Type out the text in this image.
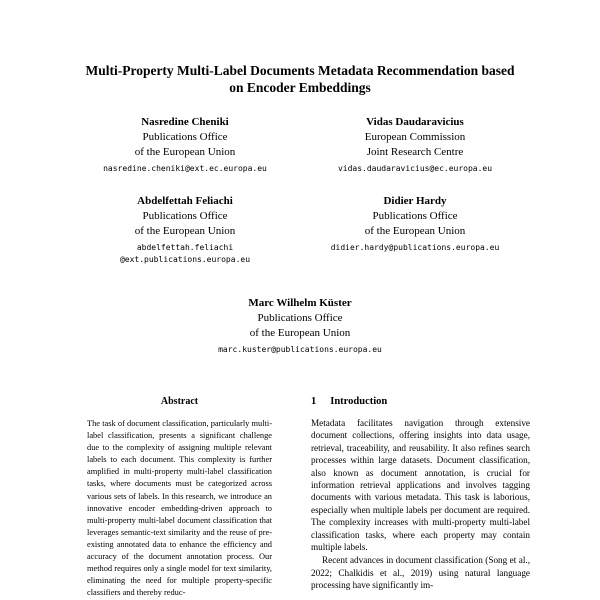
Multi-Property Multi-Label Documents Metadata Recommendation based
on Encoder Embeddings
Nasredine Cheniki
Publications Office
of the European Union
nasredine.cheniki@ext.ec.europa.eu
Vidas Daudaravicius
European Commission
Joint Research Centre
vidas.daudaravicius@ec.europa.eu
Abdelfettah Feliachi
Publications Office
of the European Union
abdelfettah.feliachi
@ext.publications.europa.eu
Didier Hardy
Publications Office
of the European Union
didier.hardy@publications.europa.eu
Marc Wilhelm Küster
Publications Office
of the European Union
marc.kuster@publications.europa.eu
Abstract

The task of document classification, particularly multi-label classification, presents a significant challenge due to the complexity of assigning multiple relevant labels to each document. This complexity is further amplified in multi-property multi-label classification tasks, where documents must be categorized across various sets of labels. In this research, we introduce an innovative encoder embedding-driven approach to multi-property multi-label document classification that leverages semantic-text similarity and the reuse of pre-existing annotated data to enhance the efficiency and accuracy of the document annotation process. Our method requires only a single model for text similarity, eliminating the need for multiple property-specific classifiers and thereby reduc-

1 Introduction

Metadata facilitates navigation through extensive document collections, offering insights into data usage, retrieval, traceability, and reusability. It also refines search processes within large datasets. Document classification, also known as document annotation, is crucial for information retrieval applications and involves tagging documents with various metadata. This task is laborious, especially when multiple labels per document are required. The complexity increases with multi-property multi-label classification tasks, where each property may contain multiple labels.

Recent advances in document classification (Song et al., 2022; Chalkidis et al., 2019) using natural language processing have significantly im-
